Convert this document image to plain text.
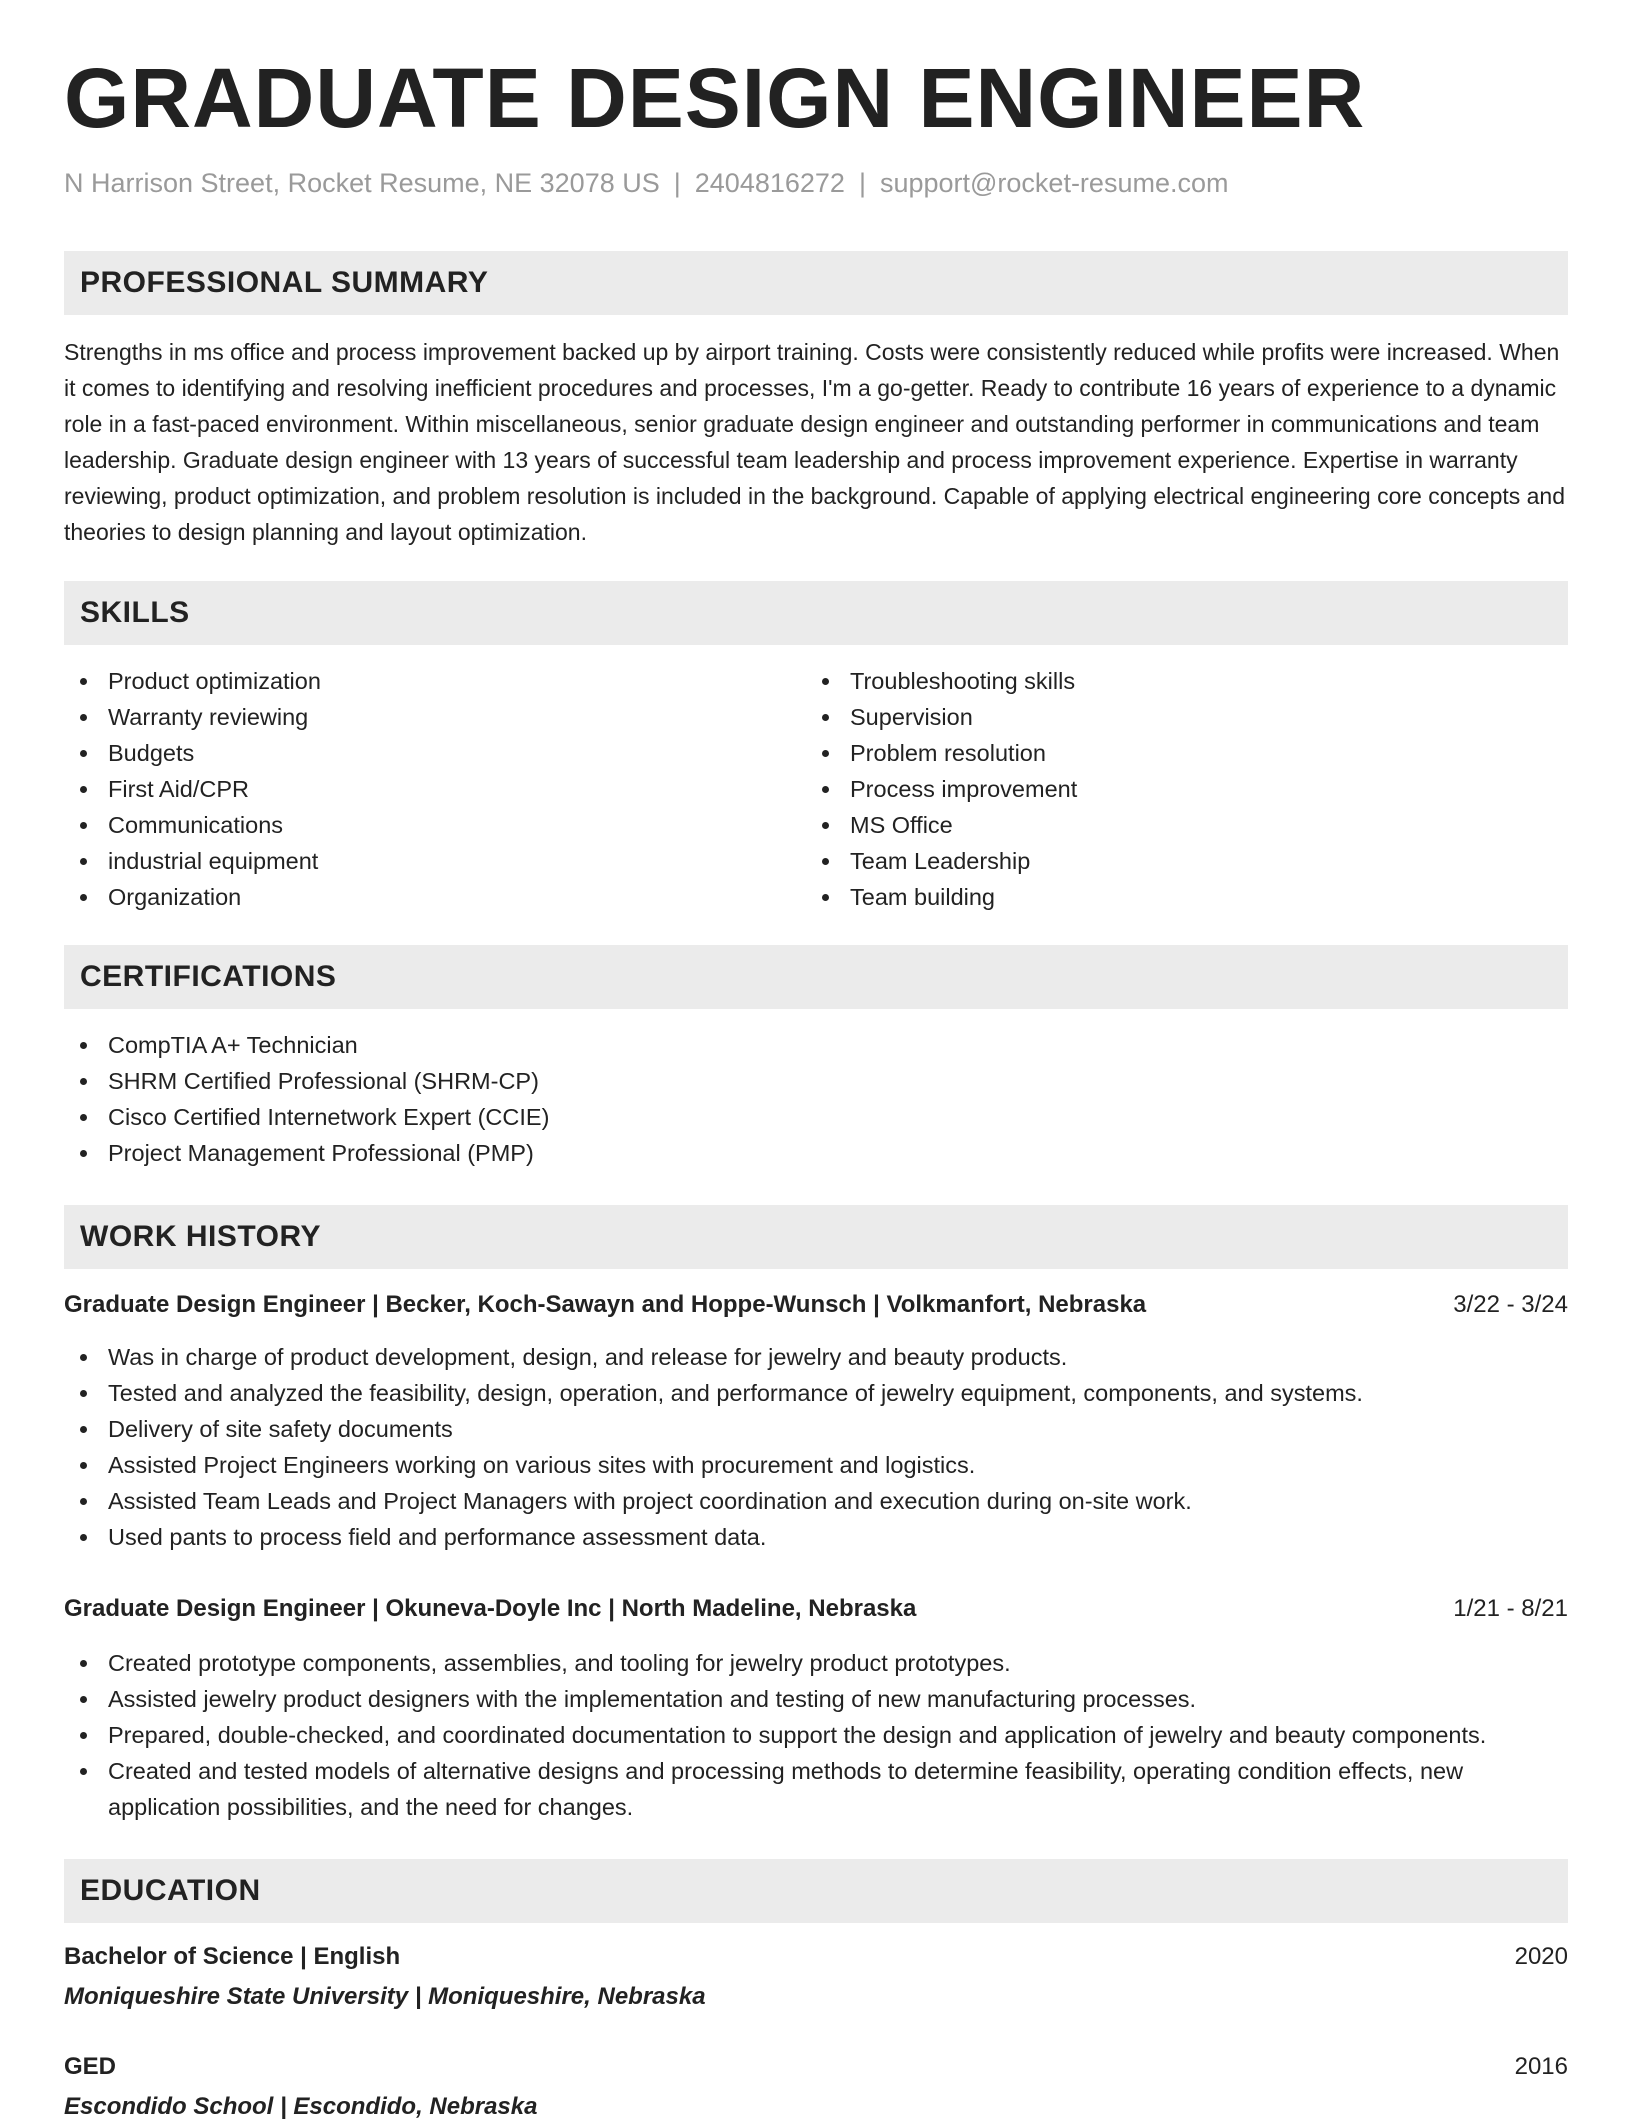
GRADUATE DESIGN ENGINEER
N Harrison Street, Rocket Resume, NE 32078 US | 2404816272 | support@rocket-resume.com
PROFESSIONAL SUMMARY

Strengths in ms office and process improvement backed up by airport training. Costs were consistently reduced while profits were increased. When it comes to identifying and resolving inefficient procedures and processes, I'm a go-getter. Ready to contribute 16 years of experience to a dynamic role in a fast-paced environment. Within miscellaneous, senior graduate design engineer and outstanding performer in communications and team leadership. Graduate design engineer with 13 years of successful team leadership and process improvement experience. Expertise in warranty reviewing, product optimization, and problem resolution is included in the background. Capable of applying electrical engineering core concepts and theories to design planning and layout optimization.

SKILLS
Product optimization
Warranty reviewing
Budgets
First Aid/CPR
Communications
industrial equipment
Organization
Troubleshooting skills
Supervision
Problem resolution
Process improvement
MS Office
Team Leadership
Team building
CERTIFICATIONS
CompTIA A+ Technician
SHRM Certified Professional (SHRM-CP)
Cisco Certified Internetwork Expert (CCIE)
Project Management Professional (PMP)
WORK HISTORY
Graduate Design Engineer | Becker, Koch-Sawayn and Hoppe-Wunsch | Volkmanfort, Nebraska	3/22 - 3/24
Was in charge of product development, design, and release for jewelry and beauty products.
Tested and analyzed the feasibility, design, operation, and performance of jewelry equipment, components, and systems.
Delivery of site safety documents
Assisted Project Engineers working on various sites with procurement and logistics.
Assisted Team Leads and Project Managers with project coordination and execution during on-site work.
Used pants to process field and performance assessment data.
Graduate Design Engineer | Okuneva-Doyle Inc | North Madeline, Nebraska	1/21 - 8/21
Created prototype components, assemblies, and tooling for jewelry product prototypes.
Assisted jewelry product designers with the implementation and testing of new manufacturing processes.
Prepared, double-checked, and coordinated documentation to support the design and application of jewelry and beauty components.
Created and tested models of alternative designs and processing methods to determine feasibility, operating condition effects, new application possibilities, and the need for changes.
EDUCATION
Bachelor of Science | English	2020
Moniqueshire State University | Moniqueshire, Nebraska
GED	2016
Escondido School | Escondido, Nebraska
